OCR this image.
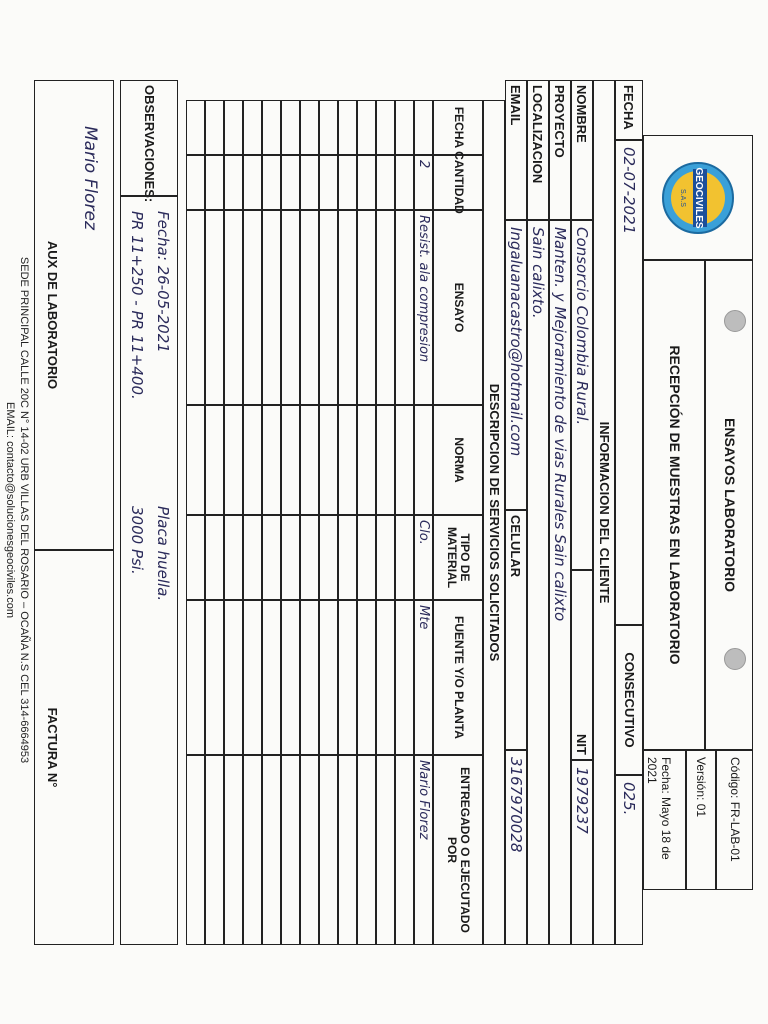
GEOCIVILES
S.A.S
ENSAYOS LABORATORIO
RECEPCIÓN DE MUESTRAS EN LABORATORIO
Código: FR-LAB-01
Versión: 01
Fecha: Mayo 18 de 2021
FECHA
02-07-2021
CONSECUTIVO
025.
INFORMACION DEL CLIENTE
NOMBRE
Consorcio Colombia Rural.
NIT
1979237
PROYECTO
Manten. y Mejoramiento de vias Rurales Sain calixto
LOCALIZACION
Sain calixto.
EMAIL
Ingaluanacastro@hotmail.com
CELULAR
3167970028
DESCRIPCION DE SERVICIOS SOLICITADOS
FECHA
CANTIDAD
ENSAYO
NORMA
TIPO DE MATERIAL
FUENTE Y/O PLANTA
ENTREGADO O EJECUTADO POR
2
Resist. ala compresion
Clo.
Mte
Mario Florez
OBSERVACIONES:
Fecha: 26-05-2021
Placa huella.
PR 11+250 - PR 11+400.
3000 Psi.
Mario Florez
AUX DE LABORATORIO
FACTURA N°
SEDE PRINCIPAL CALLE 20C N° 14-02 URB VILLAS DEL ROSARIO – OCAÑA N.S CEL 314-6664953
EMAIL: contacto@solucionesgeociviles.com
